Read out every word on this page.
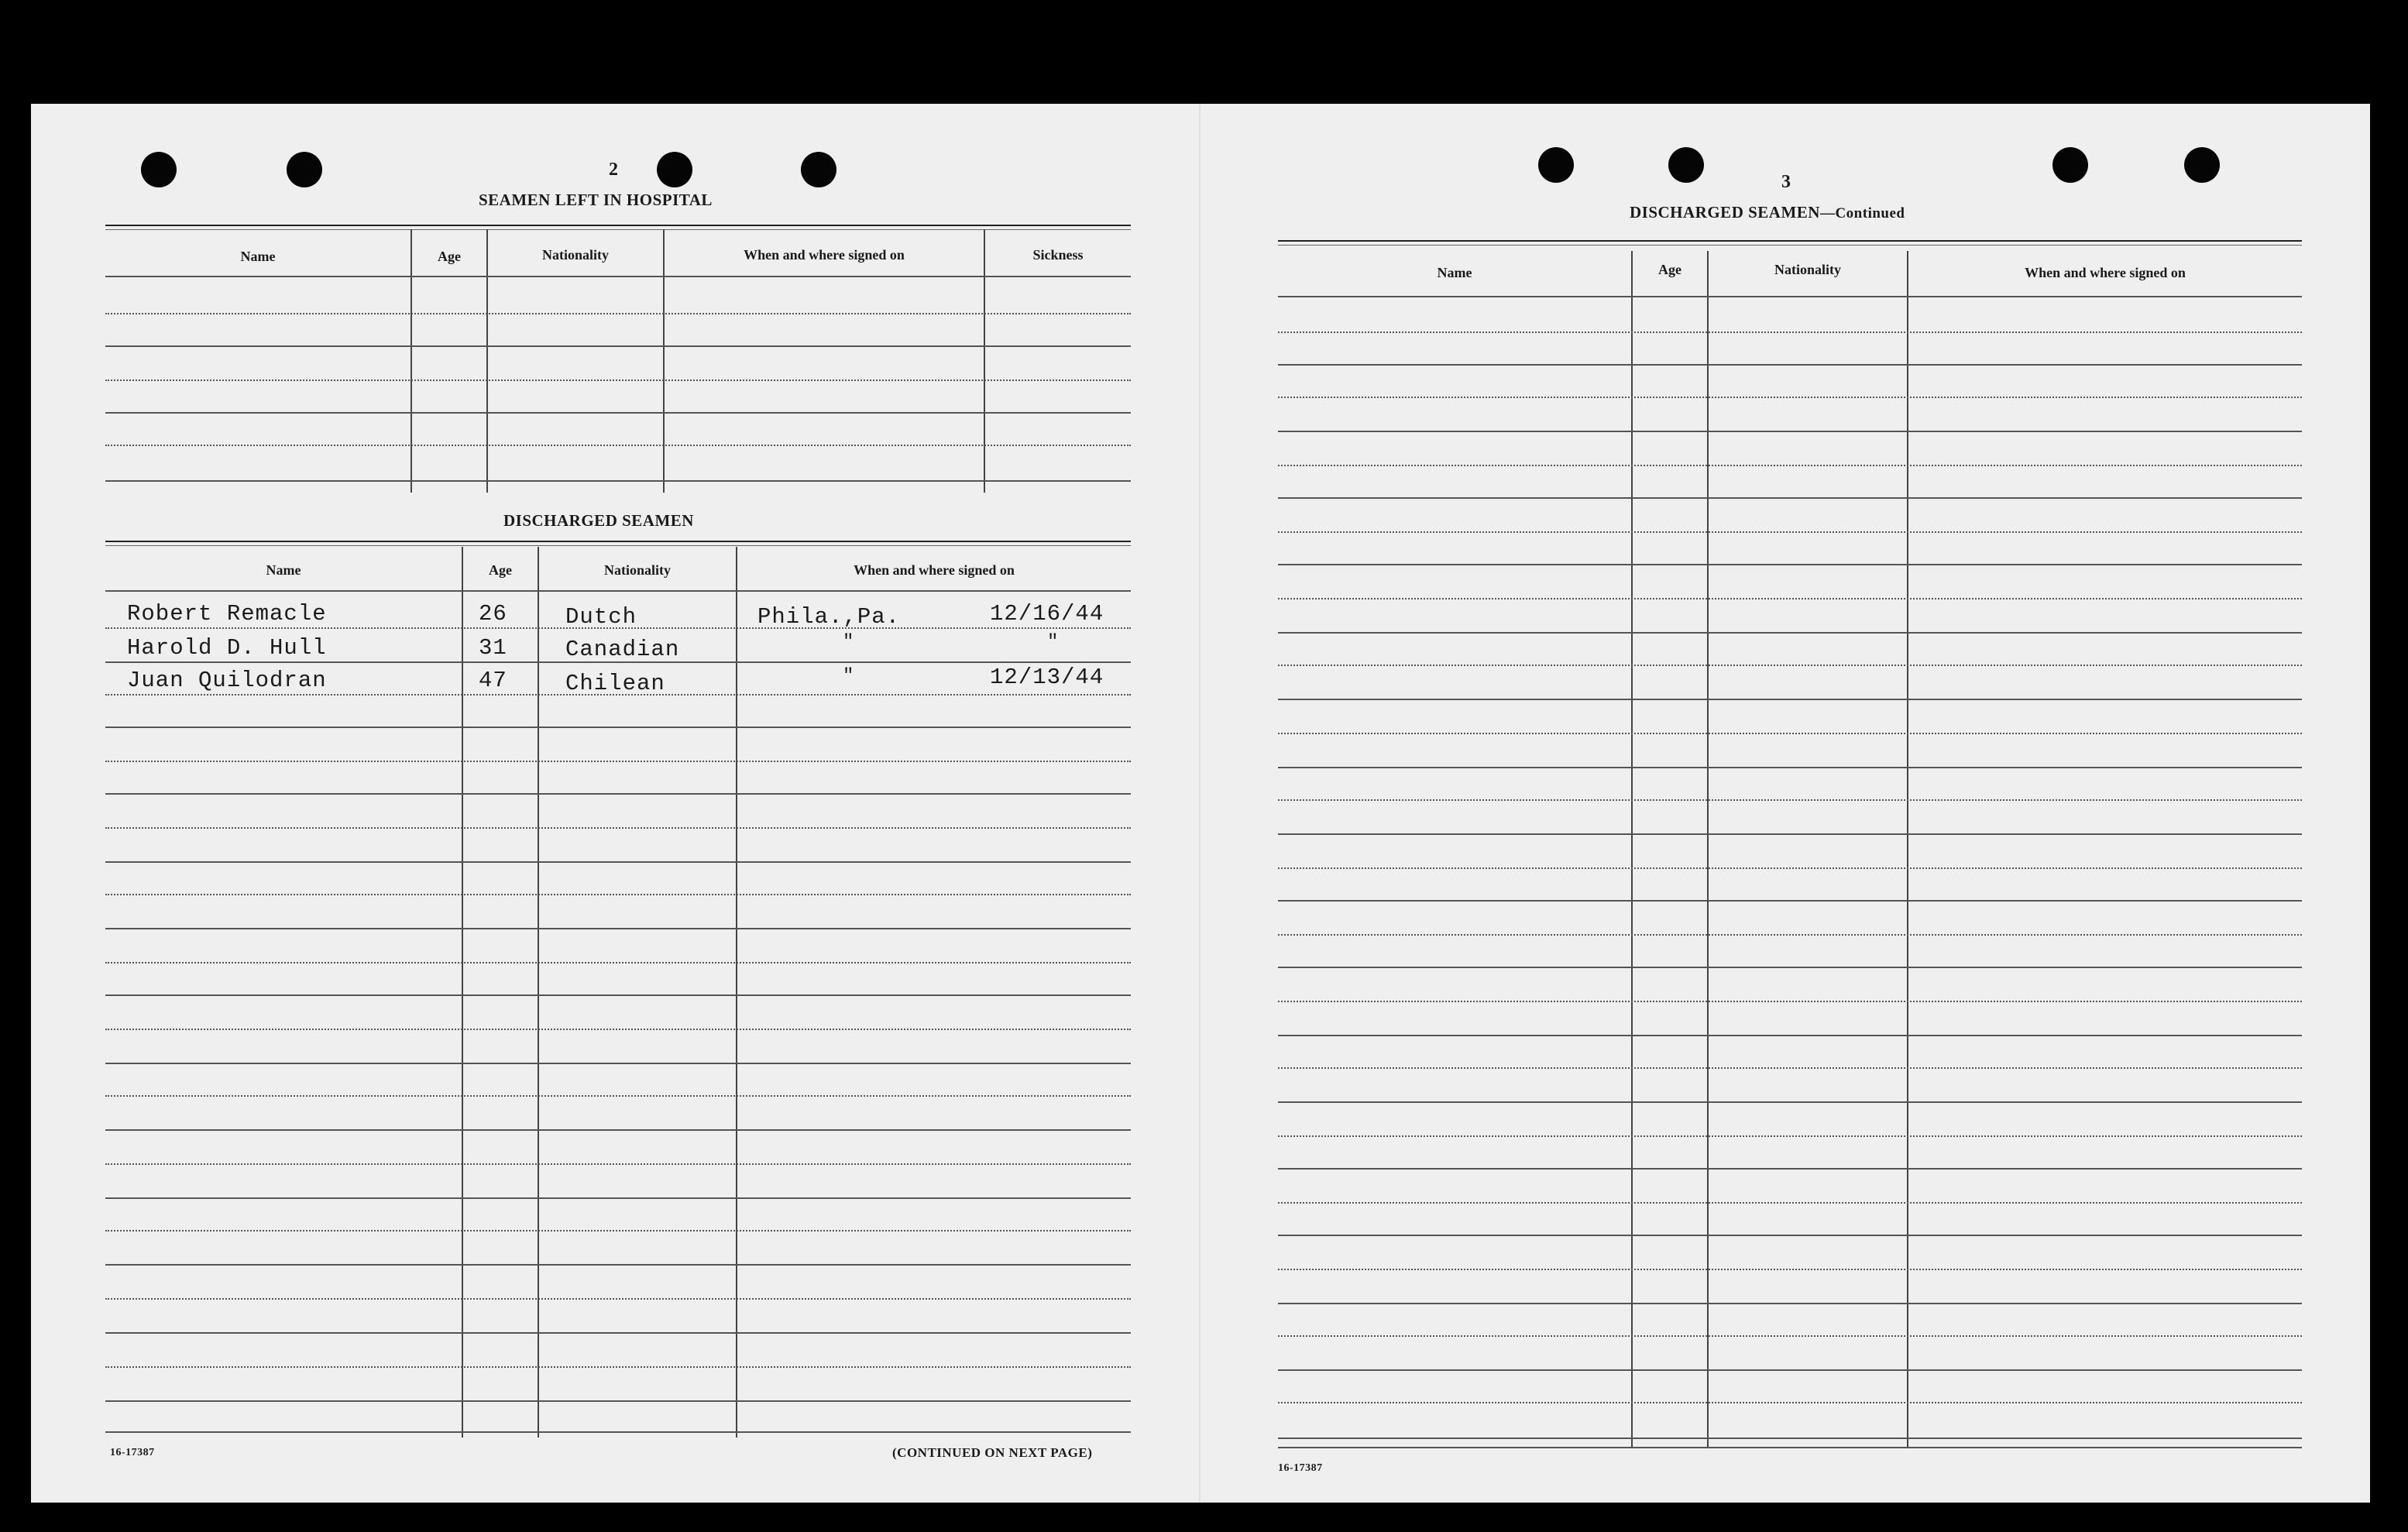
2
SEAMEN LEFT IN HOSPITAL
Name	Age	Nationality	When and where signed on	Sickness
DISCHARGED SEAMEN
Name	Age	Nationality	When and where signed on
Robert Remacle	26	Dutch	Phila.,Pa.	12/16/44
Harold D. Hull	31	Canadian	"	"
Juan Quilodran	47	Chilean	"	12/13/44
16-17387	(CONTINUED ON NEXT PAGE)
3
DISCHARGED SEAMEN—Continued
Name	Age	Nationality	When and where signed on
16-17387
